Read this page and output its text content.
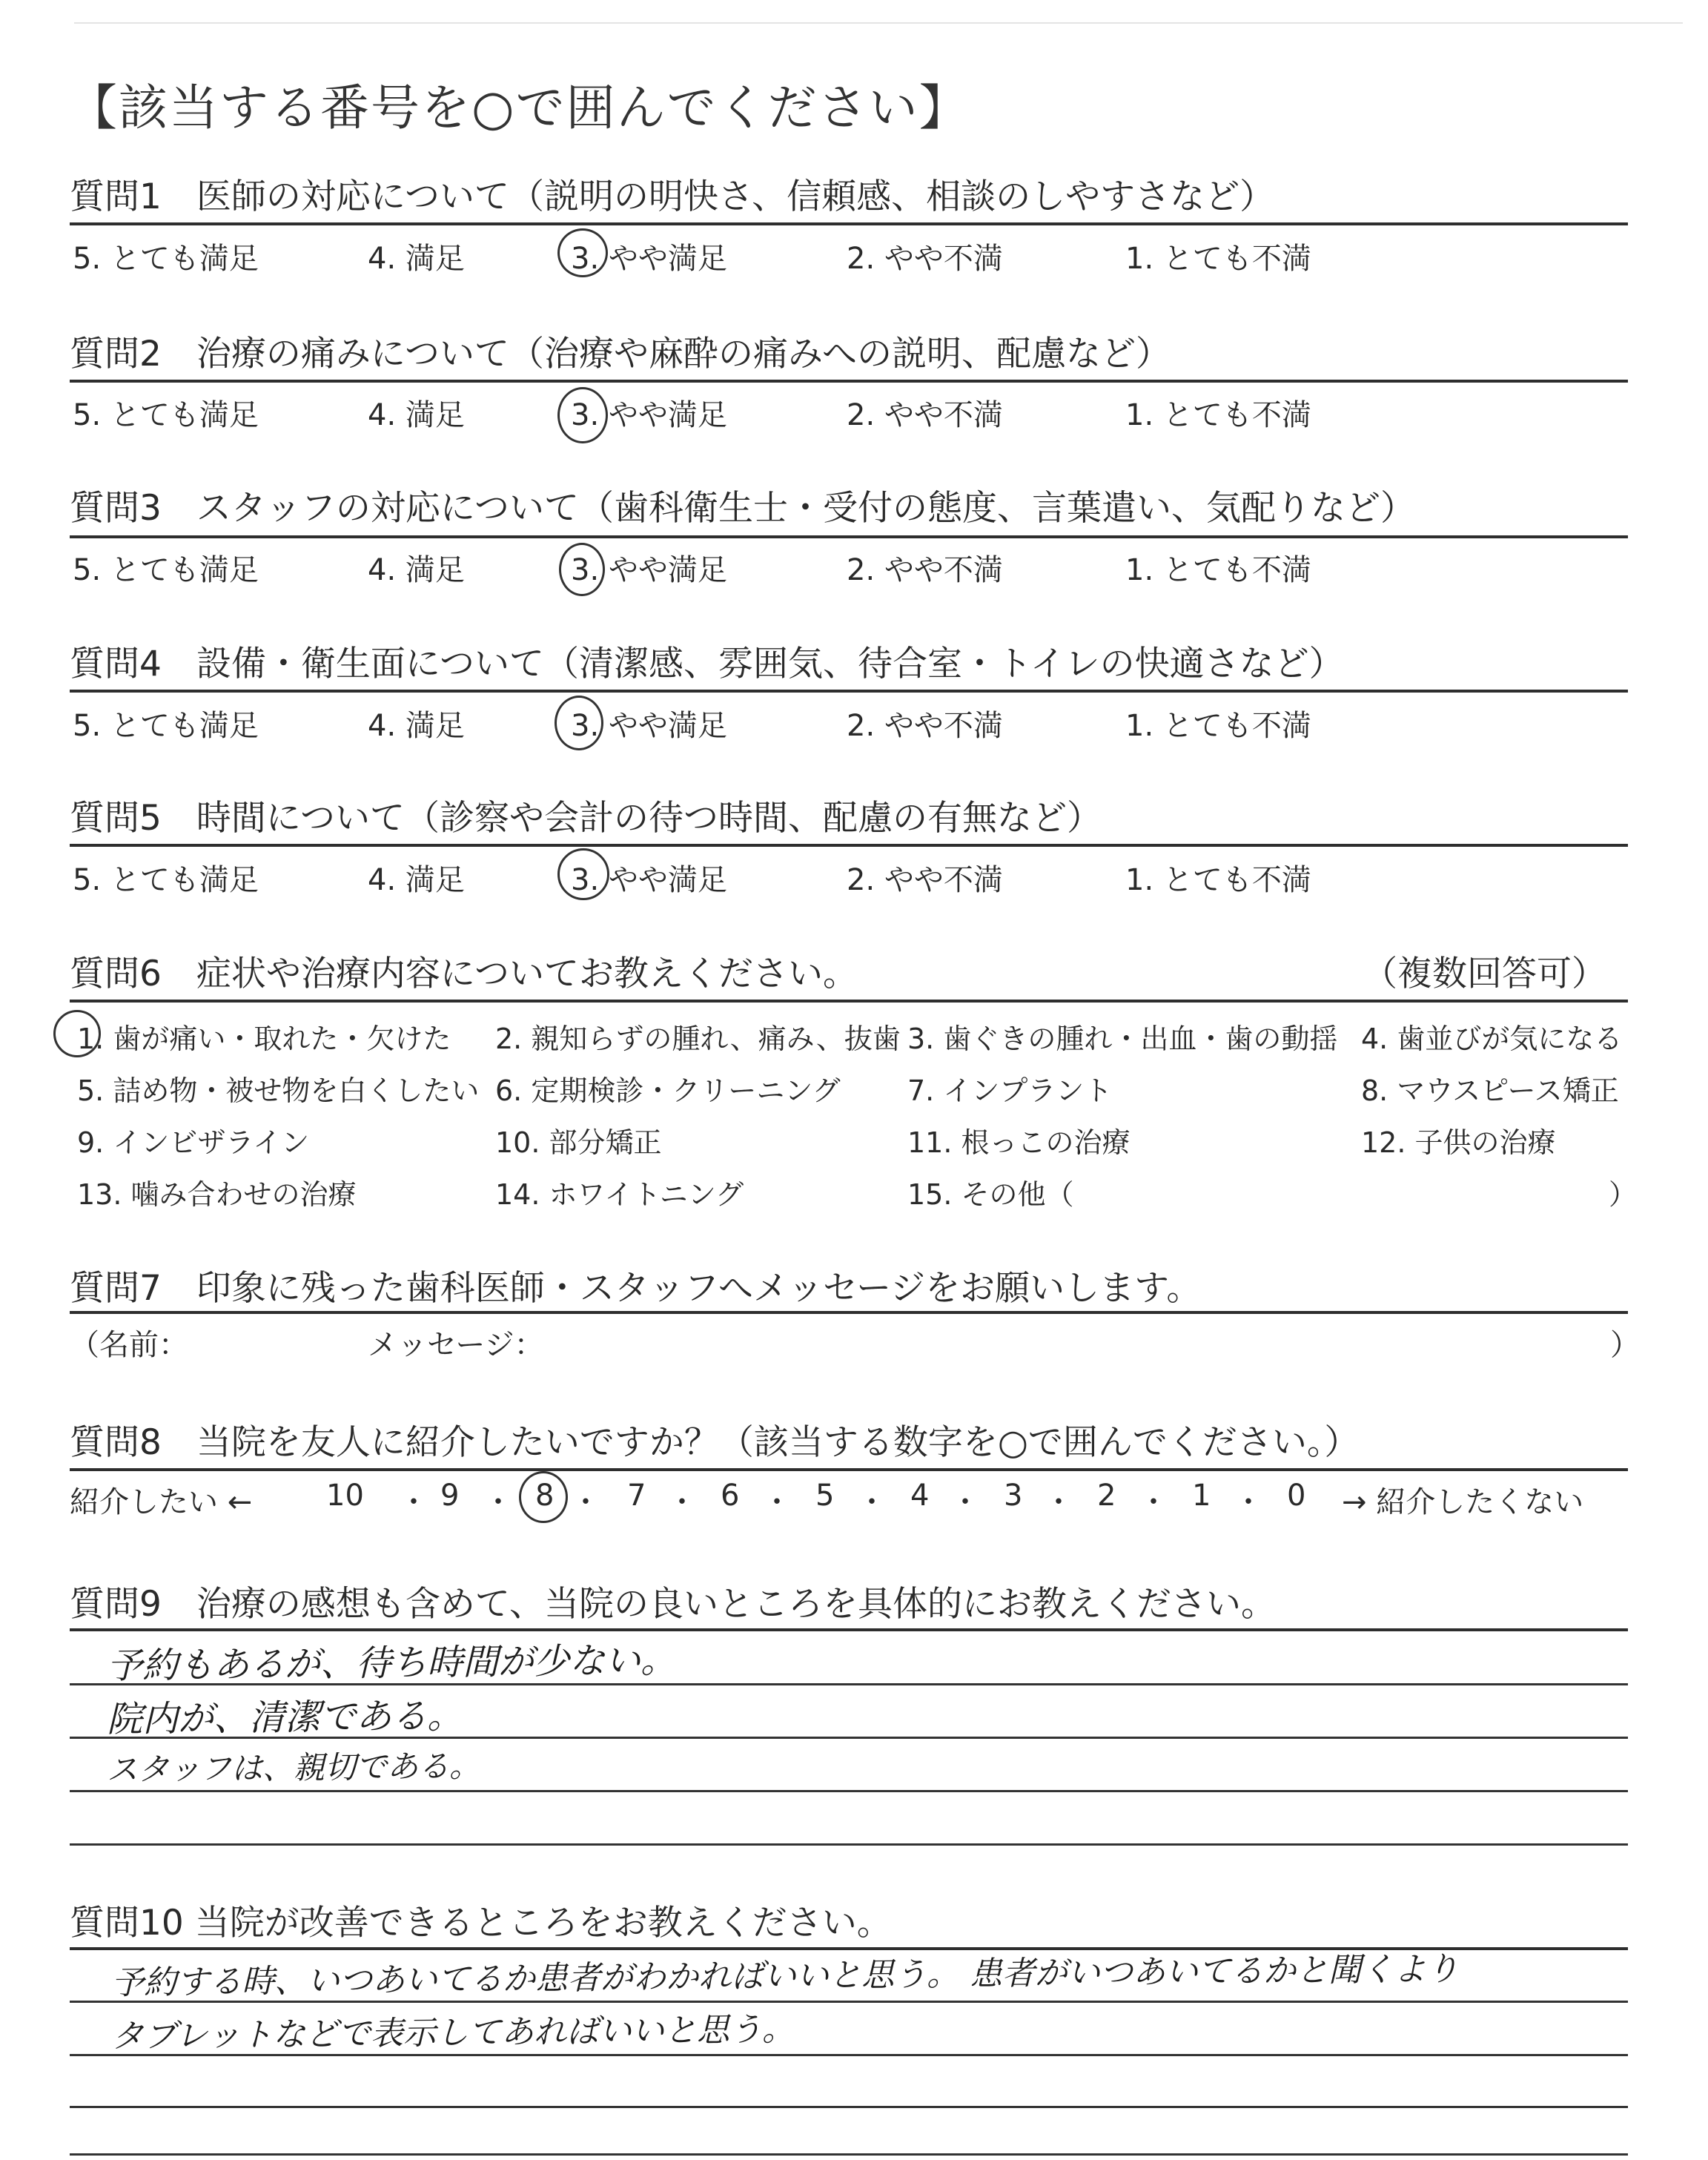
【該当する番号を○で囲んでください】
質問1　医師の対応について（説明の明快さ、信頼感、相談のしやすさなど）
5. とても満足	4. 満足	3. やや満足	2. やや不満	1. とても不満
質問2　治療の痛みについて（治療や麻酔の痛みへの説明、配慮など）
5. とても満足	4. 満足	3. やや満足	2. やや不満	1. とても不満
質問3　スタッフの対応について（歯科衛生士・受付の態度、言葉遣い、気配りなど）
5. とても満足	4. 満足	3. やや満足	2. やや不満	1. とても不満
質問4　設備・衛生面について（清潔感、雰囲気、待合室・トイレの快適さなど）
5. とても満足	4. 満足	3. やや満足	2. やや不満	1. とても不満
質問5　時間について（診察や会計の待つ時間、配慮の有無など）
5. とても満足	4. 満足	3. やや満足	2. やや不満	1. とても不満
質問6　症状や治療内容についてお教えください。	（複数回答可）
1. 歯が痛い・取れた・欠けた 2. 親知らずの腫れ、痛み、抜歯 3. 歯ぐきの腫れ・出血・歯の動揺 4. 歯並びが気になる
5. 詰め物・被せ物を白くしたい 6. 定期検診・クリーニング 7. インプラント	8. マウスピース矯正
9. インビザライン	10. 部分矯正	11. 根っこの治療	12. 子供の治療
13. 噛み合わせの治療	14. ホワイトニング	15. その他（	）
質問7　印象に残った歯科医師・スタッフへメッセージをお願いします。
（名前：	メッセージ：	）
質問8　当院を友人に紹介したいですか？（該当する数字を○で囲んでください。）
紹介したい ←	→ 紹介したくない
10 ・ 9 ・ 8 ・ 7 ・ 6 ・ 5 ・ 4 ・ 3 ・ 2 ・ 1 ・ 0
質問9　治療の感想も含めて、当院の良いところを具体的にお教えください。
予約もあるが、待ち時間が少ない。
院内が、清潔である。
スタッフは、親切である。
質問10 当院が改善できるところをお教えください。
予約する時、いつあいてるか患者がわかればいいと思う。 患者がいつあいてるかと聞くより
タブレットなどで表示してあればいいと思う。
